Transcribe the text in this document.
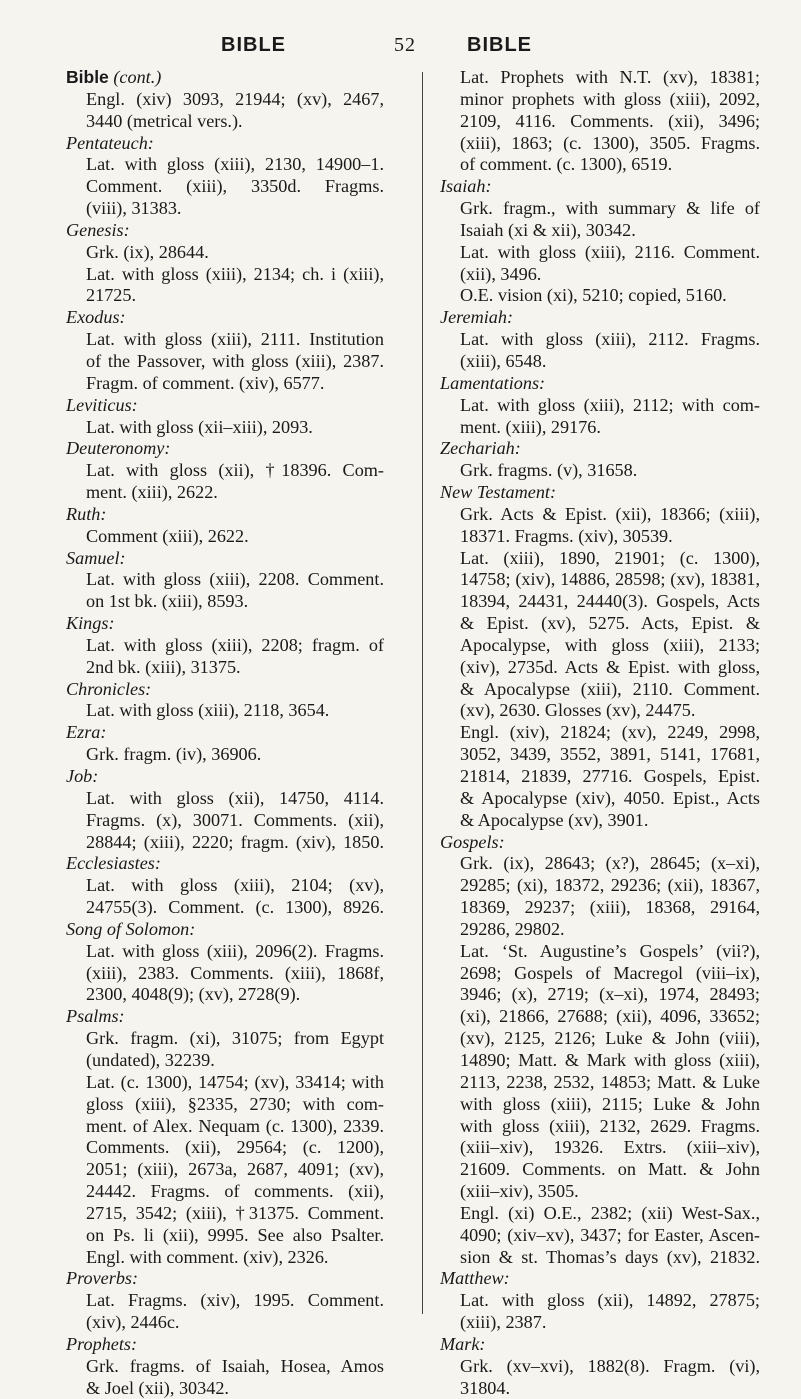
BIBLE	52	BIBLE
Bible (cont.)
Engl. (xiv) 3093, 21944; (xv), 2467,
3440 (metrical vers.).
Pentateuch:
Lat. with gloss (xiii), 2130, 14900–1.
Comment. (xiii), 3350d. Fragms.
(viii), 31383.
Genesis:
Grk. (ix), 28644.
Lat. with gloss (xiii), 2134; ch. i (xiii),
21725.
Exodus:
Lat. with gloss (xiii), 2111. Institution
of the Passover, with gloss (xiii), 2387.
Fragm. of comment. (xiv), 6577.
Leviticus:
Lat. with gloss (xii–xiii), 2093.
Deuteronomy:
Lat. with gloss (xii), †18396. Com-
ment. (xiii), 2622.
Ruth:
Comment (xiii), 2622.
Samuel:
Lat. with gloss (xiii), 2208. Comment.
on 1st bk. (xiii), 8593.
Kings:
Lat. with gloss (xiii), 2208; fragm. of
2nd bk. (xiii), 31375.
Chronicles:
Lat. with gloss (xiii), 2118, 3654.
Ezra:
Grk. fragm. (iv), 36906.
Job:
Lat. with gloss (xii), 14750, 4114.
Fragms. (x), 30071. Comments. (xii),
28844; (xiii), 2220; fragm. (xiv), 1850.
Ecclesiastes:
Lat. with gloss (xiii), 2104; (xv),
24755(3). Comment. (c. 1300), 8926.
Song of Solomon:
Lat. with gloss (xiii), 2096(2). Fragms.
(xiii), 2383. Comments. (xiii), 1868f,
2300, 4048(9); (xv), 2728(9).
Psalms:
Grk. fragm. (xi), 31075; from Egypt
(undated), 32239.
Lat. (c. 1300), 14754; (xv), 33414; with
gloss (xiii), §2335, 2730; with com-
ment. of Alex. Nequam (c. 1300), 2339.
Comments. (xii), 29564; (c. 1200),
2051; (xiii), 2673a, 2687, 4091; (xv),
24442. Fragms. of comments. (xii),
2715, 3542; (xiii), †31375. Comment.
on Ps. li (xii), 9995. See also Psalter.
Engl. with comment. (xiv), 2326.
Proverbs:
Lat. Fragms. (xiv), 1995. Comment.
(xiv), 2446c.
Prophets:
Grk. fragms. of Isaiah, Hosea, Amos
& Joel (xii), 30342.
Lat. Prophets with N.T. (xv), 18381;
minor prophets with gloss (xiii), 2092,
2109, 4116. Comments. (xii), 3496;
(xiii), 1863; (c. 1300), 3505. Fragms.
of comment. (c. 1300), 6519.
Isaiah:
Grk. fragm., with summary & life of
Isaiah (xi & xii), 30342.
Lat. with gloss (xiii), 2116. Comment.
(xii), 3496.
O.E. vision (xi), 5210; copied, 5160.
Jeremiah:
Lat. with gloss (xiii), 2112. Fragms.
(xiii), 6548.
Lamentations:
Lat. with gloss (xiii), 2112; with com-
ment. (xiii), 29176.
Zechariah:
Grk. fragms. (v), 31658.
New Testament:
Grk. Acts & Epist. (xii), 18366; (xiii),
18371. Fragms. (xiv), 30539.
Lat. (xiii), 1890, 21901; (c. 1300),
14758; (xiv), 14886, 28598; (xv), 18381,
18394, 24431, 24440(3). Gospels, Acts
& Epist. (xv), 5275. Acts, Epist. &
Apocalypse, with gloss (xiii), 2133;
(xiv), 2735d. Acts & Epist. with gloss,
& Apocalypse (xiii), 2110. Comment.
(xv), 2630. Glosses (xv), 24475.
Engl. (xiv), 21824; (xv), 2249, 2998,
3052, 3439, 3552, 3891, 5141, 17681,
21814, 21839, 27716. Gospels, Epist.
& Apocalypse (xiv), 4050. Epist., Acts
& Apocalypse (xv), 3901.
Gospels:
Grk. (ix), 28643; (x?), 28645; (x–xi),
29285; (xi), 18372, 29236; (xii), 18367,
18369, 29237; (xiii), 18368, 29164,
29286, 29802.
Lat. ‘St. Augustine’s Gospels’ (vii?),
2698; Gospels of Macregol (viii–ix),
3946; (x), 2719; (x–xi), 1974, 28493;
(xi), 21866, 27688; (xii), 4096, 33652;
(xv), 2125, 2126; Luke & John (viii),
14890; Matt. & Mark with gloss (xiii),
2113, 2238, 2532, 14853; Matt. & Luke
with gloss (xiii), 2115; Luke & John
with gloss (xiii), 2132, 2629. Fragms.
(xiii–xiv), 19326. Extrs. (xiii–xiv),
21609. Comments. on Matt. & John
(xiii–xiv), 3505.
Engl. (xi) O.E., 2382; (xii) West-Sax.,
4090; (xiv–xv), 3437; for Easter, Ascen-
sion & st. Thomas’s days (xv), 21832.
Matthew:
Lat. with gloss (xii), 14892, 27875;
(xiii), 2387.
Mark:
Grk. (xv–xvi), 1882(8). Fragm. (vi),
31804.
